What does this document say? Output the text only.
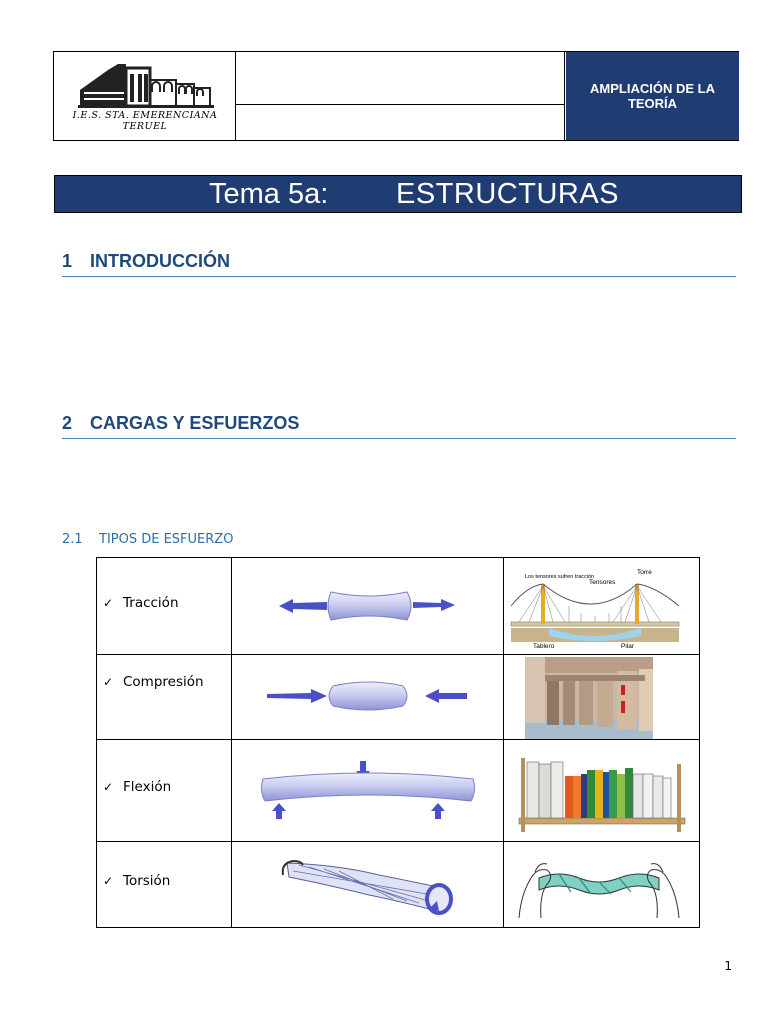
I.E.S. STA. EMERENCIANA
TERUEL
AMPLIACIÓN DE LA TEORÍA
Tema 5a: ESTRUCTURAS
1 INTRODUCCIÓN
2 CARGAS Y ESFUERZOS
2.1 TIPOS DE ESFUERZO
✓ Tracción
✓ Compresión
✓ Flexión
✓ Torsión
Los tensores sufren tracción
Torre
Tensores
Tablero	Pilar
1
